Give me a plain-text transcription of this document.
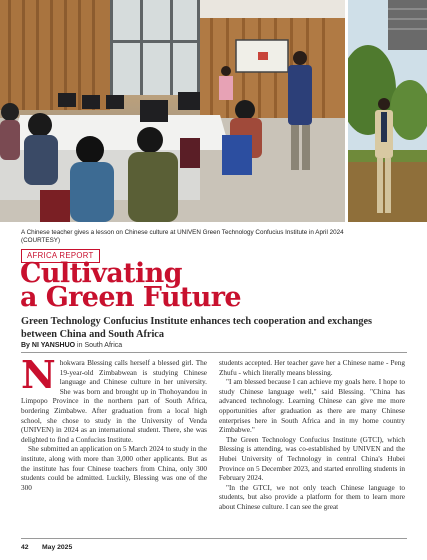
A Chinese teacher gives a lesson on Chinese culture at UNIVEN Green Technology Confucius Institute in April 2024 (COURTESY)
AFRICA REPORT
Cultivating
a Green Future

Green Technology Confucius Institute enhances tech cooperation and exchanges between China and South Africa

By NI YANSHUO in South Africa

Nhokwara Blessing calls herself a blessed girl. The 19-year-old Zimbabwean is studying Chinese language and Chinese culture in her university. She was born and brought up in Thohoyandou in Limpopo Province in the northern part of South Africa, bordering Zimbabwe. After graduation from a local high school, she chose to study in the University of Venda (UNIVEN) in 2024 as an international student. There, she was delighted to find a Confucius Institute.

She submitted an application on 5 March 2024 to study in the institute, along with more than 3,000 other applicants. But as the institute has four Chinese teachers from China, only 300 students could be admitted. Luckily, Blessing was one of the 300

students accepted. Her teacher gave her a Chinese name - Peng Zhufu - which literally means blessing.

"I am blessed because I can achieve my goals here. I hope to study Chinese language well," said Blessing. "China has advanced technology. Learning Chinese can give me more opportunities after graduation as there are many Chinese enterprises here in South Africa and in my home country Zimbabwe."

The Green Technology Confucius Institute (GTCI), which Blessing is attending, was co-established by UNIVEN and the Hubei University of Technology in central China's Hubei Province on 5 December 2023, and started enrolling students in February 2024.

"In the GTCI, we not only teach Chinese language to students, but also provide a platform for them to learn more about Chinese culture. I can see the great

42 May 2025
